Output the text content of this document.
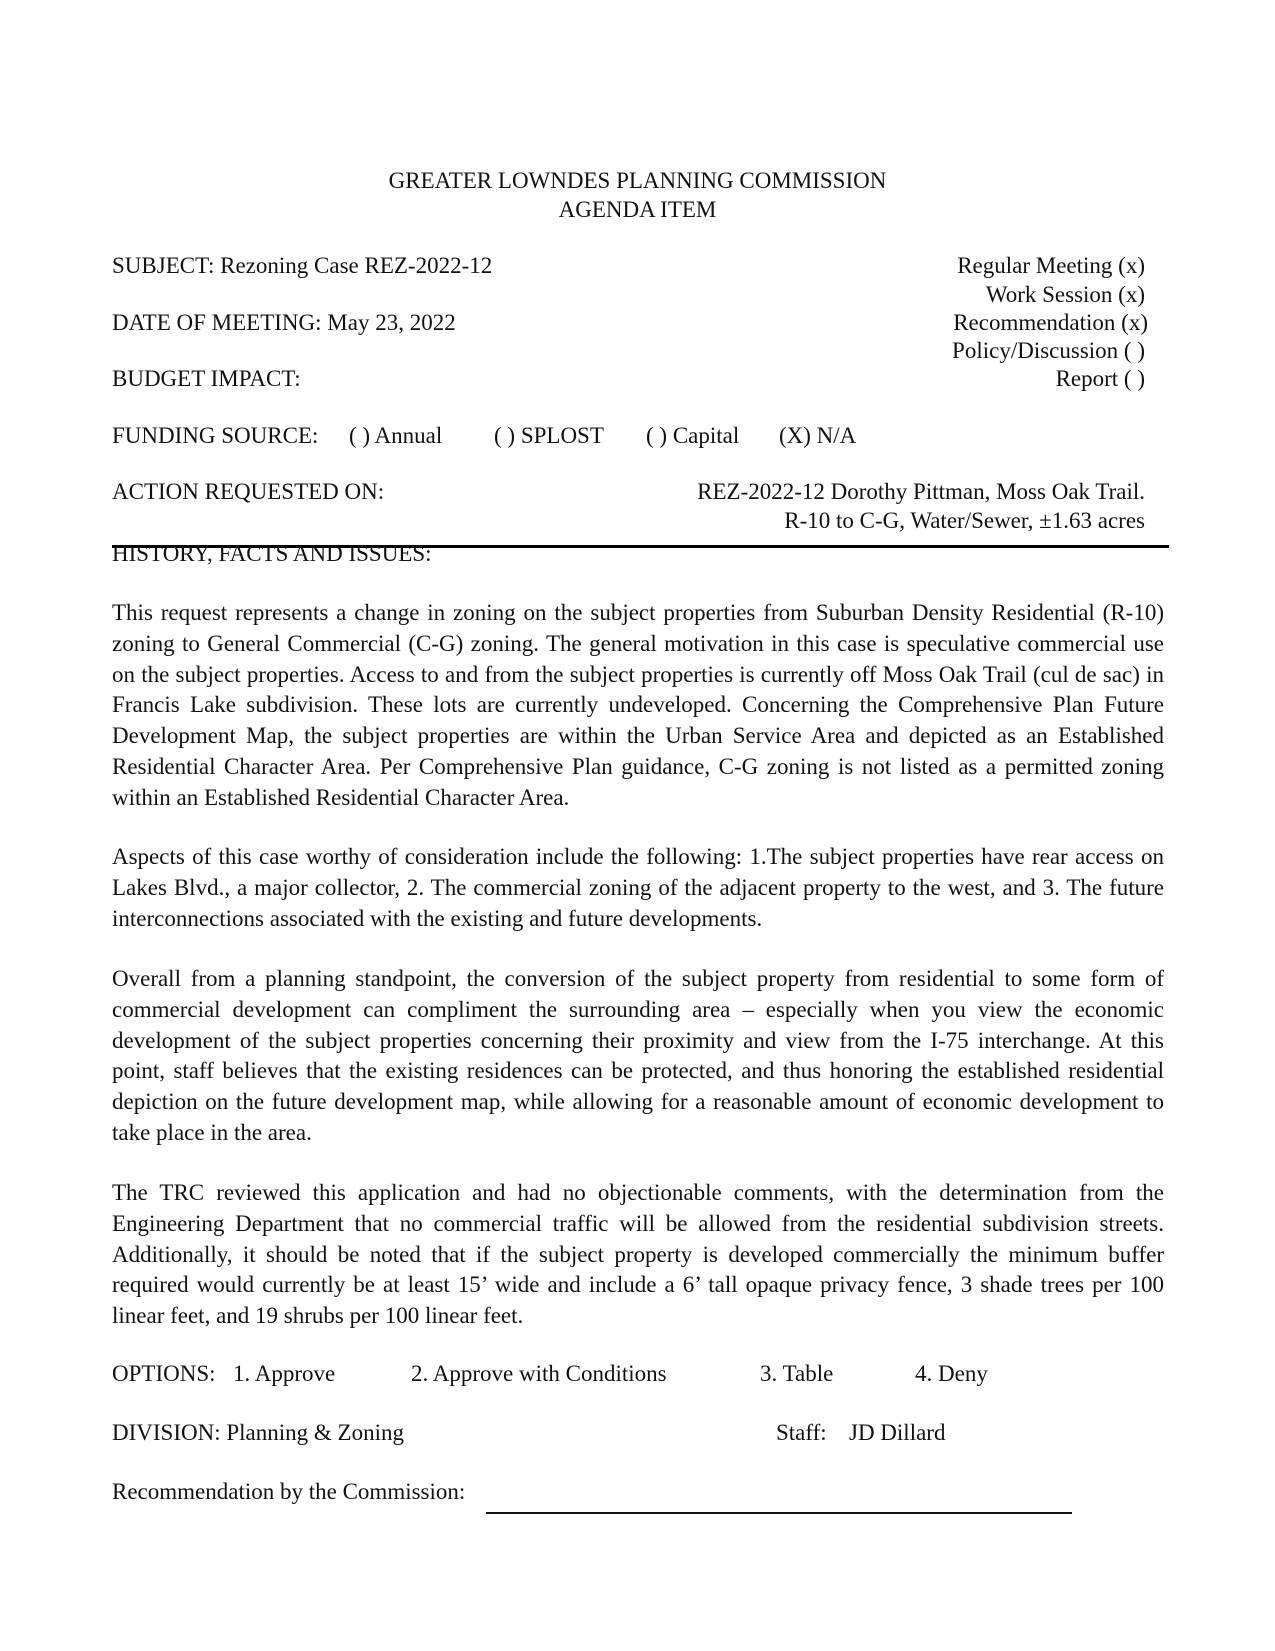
GREATER LOWNDES PLANNING COMMISSION
AGENDA ITEM
SUBJECT: Rezoning Case REZ-2022-12
DATE OF MEETING: May 23, 2022
BUDGET IMPACT:
Regular Meeting (x)
Work Session (x)
Recommendation (x)
Policy/Discussion ( )
Report ( )
FUNDING SOURCE: ( ) Annual ( ) SPLOST ( ) Capital (X) N/A
ACTION REQUESTED ON:	REZ-2022-12 Dorothy Pittman, Moss Oak Trail.
R-10 to C-G, Water/Sewer, ±1.63 acres
HISTORY, FACTS AND ISSUES:
This request represents a change in zoning on the subject properties from Suburban Density Residential (R-10) zoning to General Commercial (C-G) zoning. The general motivation in this case is speculative commercial use on the subject properties. Access to and from the subject properties is currently off Moss Oak Trail (cul de sac) in Francis Lake subdivision. These lots are currently undeveloped. Concerning the Comprehensive Plan Future Development Map, the subject properties are within the Urban Service Area and depicted as an Established Residential Character Area. Per Comprehensive Plan guidance, C-G zoning is not listed as a permitted zoning within an Established Residential Character Area.
Aspects of this case worthy of consideration include the following: 1.The subject properties have rear access on Lakes Blvd., a major collector, 2. The commercial zoning of the adjacent property to the west, and 3. The future interconnections associated with the existing and future developments.
Overall from a planning standpoint, the conversion of the subject property from residential to some form of commercial development can compliment the surrounding area – especially when you view the economic development of the subject properties concerning their proximity and view from the I-75 interchange. At this point, staff believes that the existing residences can be protected, and thus honoring the established residential depiction on the future development map, while allowing for a reasonable amount of economic development to take place in the area.
The TRC reviewed this application and had no objectionable comments, with the determination from the Engineering Department that no commercial traffic will be allowed from the residential subdivision streets. Additionally, it should be noted that if the subject property is developed commercially the minimum buffer required would currently be at least 15’ wide and include a 6’ tall opaque privacy fence, 3 shade trees per 100 linear feet, and 19 shrubs per 100 linear feet.
OPTIONS: 1. Approve	2. Approve with Conditions	3. Table	4. Deny
DIVISION: Planning & Zoning	Staff: JD Dillard
Recommendation by the Commission:
